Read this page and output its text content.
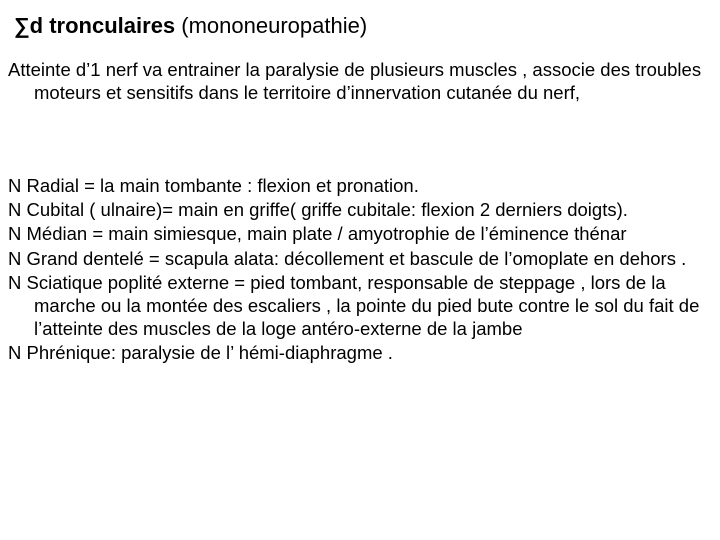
∑d tronculaires (mononeuropathie)

Atteinte d’1 nerf va entrainer la paralysie de plusieurs muscles , associe des troubles moteurs et sensitifs dans le territoire d’innervation cutanée du nerf,

N Radial = la main tombante : flexion et pronation.

N Cubital ( ulnaire)= main en griffe( griffe cubitale: flexion 2 derniers doigts).

N Médian = main simiesque, main plate / amyotrophie de l’éminence thénar

N Grand dentelé = scapula alata: décollement et bascule de l’omoplate en dehors .

N Sciatique poplité externe = pied tombant, responsable de steppage , lors de la marche ou la montée des escaliers , la pointe du pied bute contre le sol du fait de l’atteinte des muscles de la loge antéro-externe de la jambe

N Phrénique: paralysie de l’ hémi-diaphragme .
